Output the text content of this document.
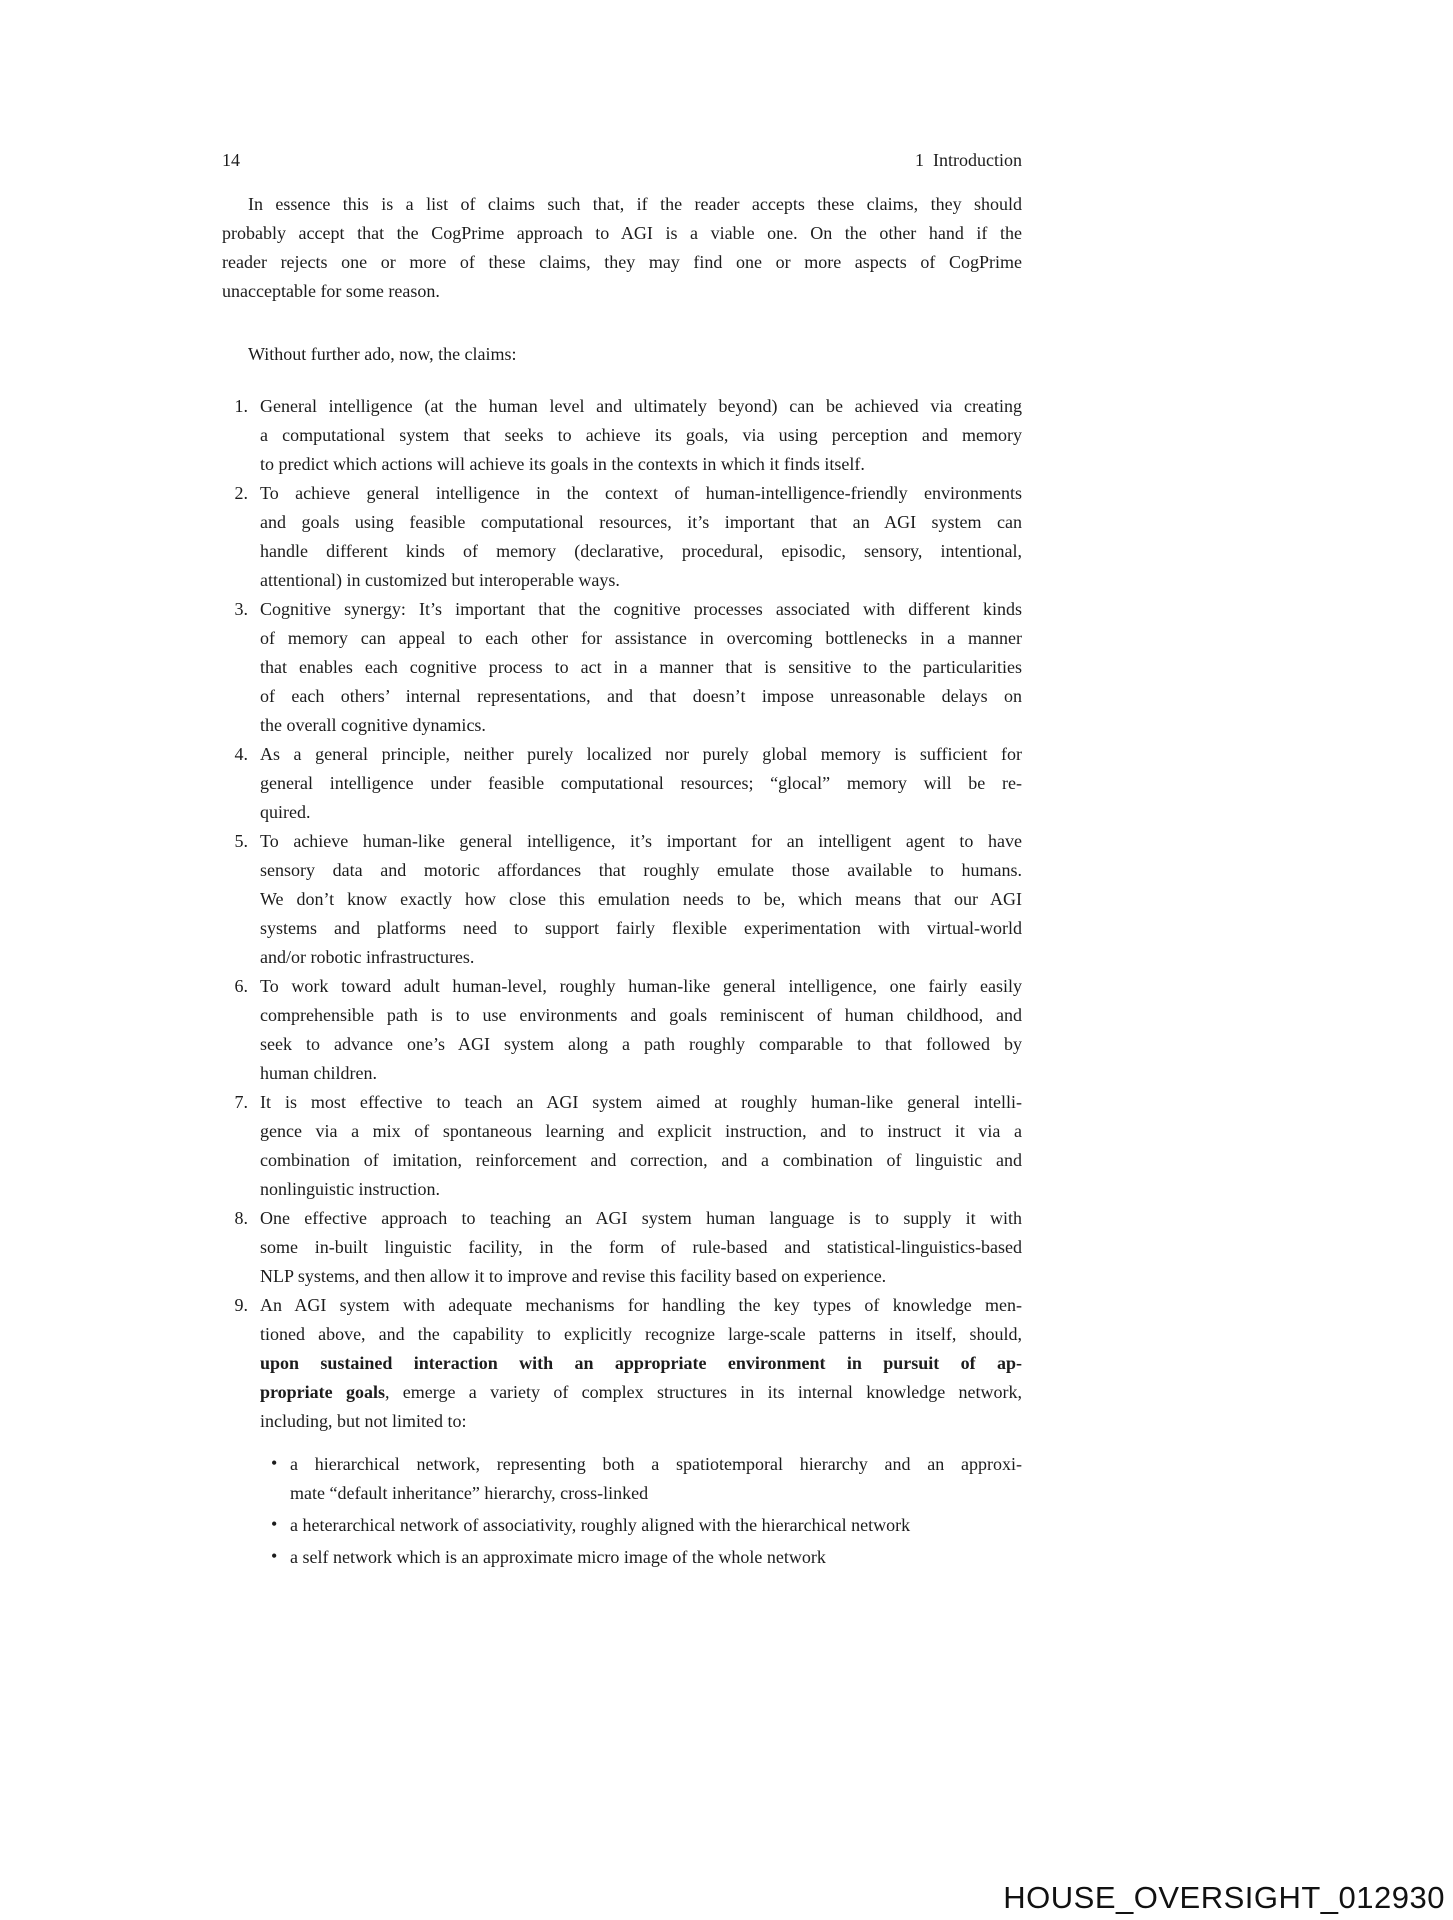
14	1  Introduction
In essence this is a list of claims such that, if the reader accepts these claims, they should
probably accept that the CogPrime approach to AGI is a viable one. On the other hand if the
reader rejects one or more of these claims, they may find one or more aspects of CogPrime
unacceptable for some reason.
Without further ado, now, the claims:
1. General intelligence (at the human level and ultimately beyond) can be achieved via creating
a computational system that seeks to achieve its goals, via using perception and memory
to predict which actions will achieve its goals in the contexts in which it finds itself.
2. To achieve general intelligence in the context of human-intelligence-friendly environments
and goals using feasible computational resources, it’s important that an AGI system can
handle different kinds of memory (declarative, procedural, episodic, sensory, intentional,
attentional) in customized but interoperable ways.
3. Cognitive synergy: It’s important that the cognitive processes associated with different kinds
of memory can appeal to each other for assistance in overcoming bottlenecks in a manner
that enables each cognitive process to act in a manner that is sensitive to the particularities
of each others’ internal representations, and that doesn’t impose unreasonable delays on
the overall cognitive dynamics.
4. As a general principle, neither purely localized nor purely global memory is sufficient for
general intelligence under feasible computational resources; “glocal” memory will be re-
quired.
5. To achieve human-like general intelligence, it’s important for an intelligent agent to have
sensory data and motoric affordances that roughly emulate those available to humans.
We don’t know exactly how close this emulation needs to be, which means that our AGI
systems and platforms need to support fairly flexible experimentation with virtual-world
and/or robotic infrastructures.
6. To work toward adult human-level, roughly human-like general intelligence, one fairly easily
comprehensible path is to use environments and goals reminiscent of human childhood, and
seek to advance one’s AGI system along a path roughly comparable to that followed by
human children.
7. It is most effective to teach an AGI system aimed at roughly human-like general intelli-
gence via a mix of spontaneous learning and explicit instruction, and to instruct it via a
combination of imitation, reinforcement and correction, and a combination of linguistic and
nonlinguistic instruction.
8. One effective approach to teaching an AGI system human language is to supply it with
some in-built linguistic facility, in the form of rule-based and statistical-linguistics-based
NLP systems, and then allow it to improve and revise this facility based on experience.
9. An AGI system with adequate mechanisms for handling the key types of knowledge men-
tioned above, and the capability to explicitly recognize large-scale patterns in itself, should,
upon sustained interaction with an appropriate environment in pursuit of ap-
propriate goals, emerge a variety of complex structures in its internal knowledge network,
including, but not limited to:
• a hierarchical network, representing both a spatiotemporal hierarchy and an approxi-
mate “default inheritance” hierarchy, cross-linked
• a heterarchical network of associativity, roughly aligned with the hierarchical network
• a self network which is an approximate micro image of the whole network
HOUSE_OVERSIGHT_012930
